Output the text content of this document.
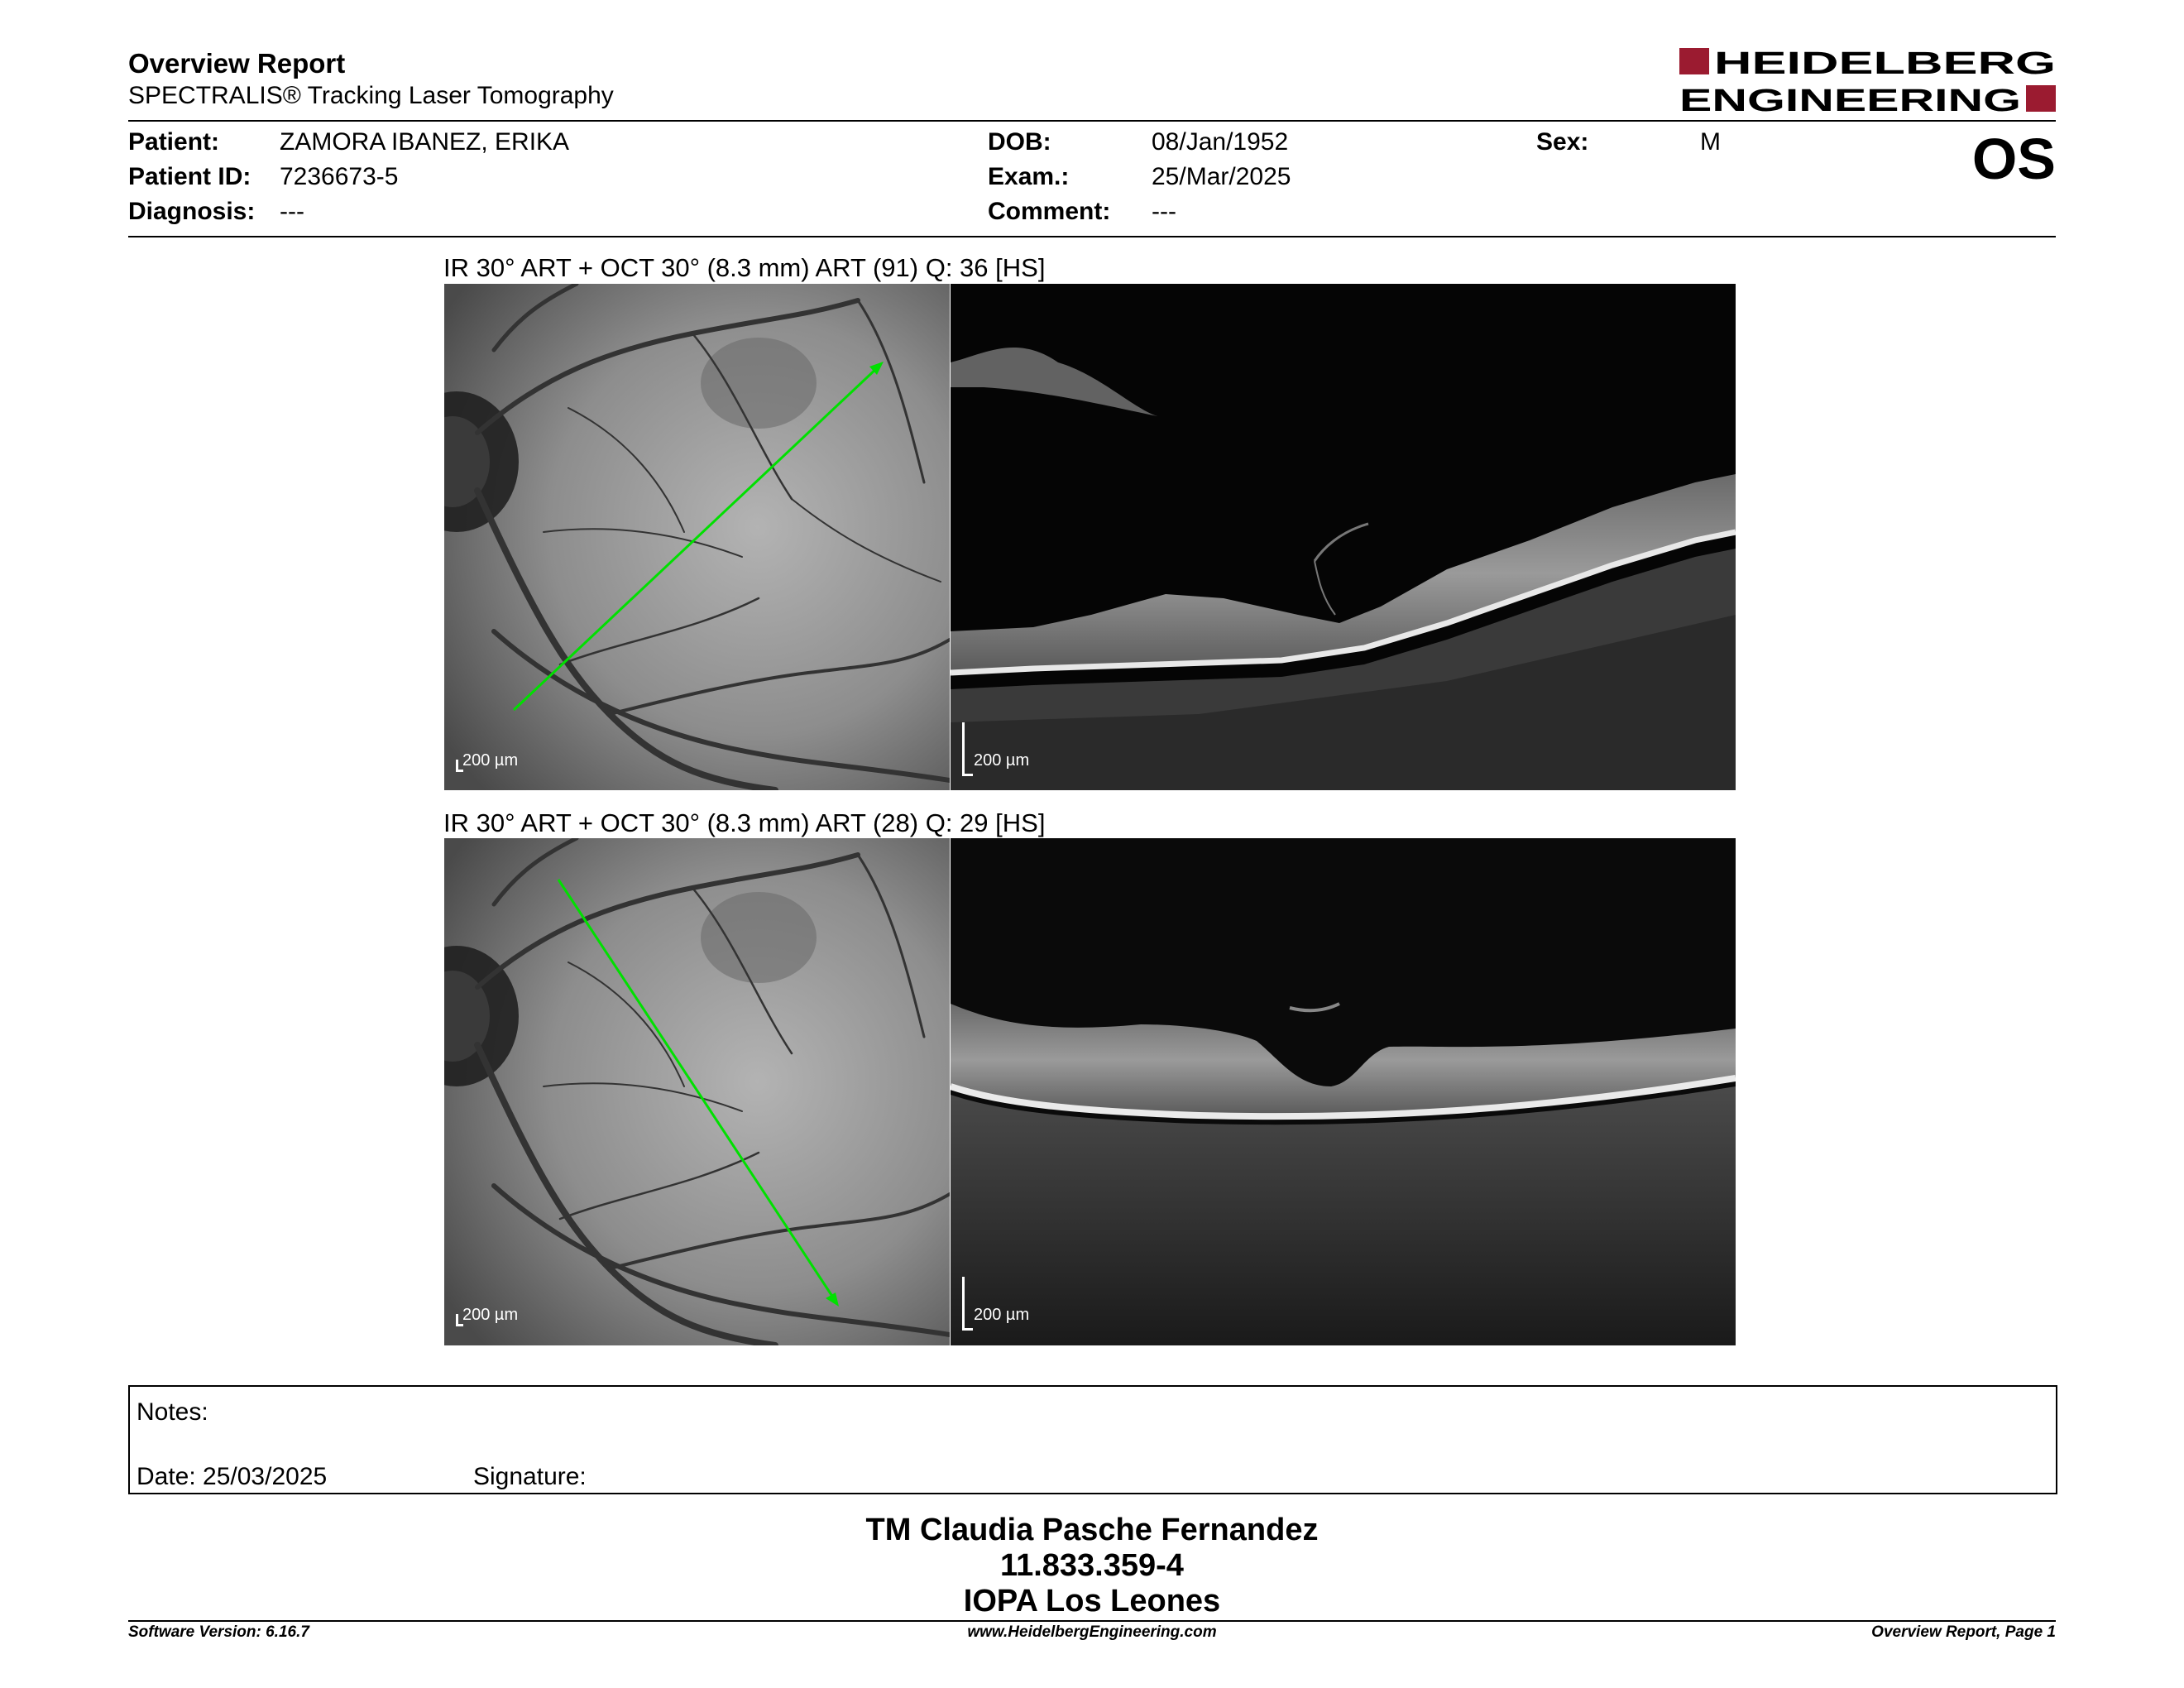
Overview Report
SPECTRALIS® Tracking Laser Tomography
HEIDELBERG
ENGINEERING
Patient: ZAMORA IBANEZ, ERIKA
Patient ID: 7236673-5
Diagnosis: ---
DOB:	08/Jan/1952
Exam.:	25/Mar/2025
Comment: ---
Sex:	M	OS
IR 30° ART + OCT 30° (8.3 mm) ART (91) Q: 36 [HS]
200 µm	200 µm
IR 30° ART + OCT 30° (8.3 mm) ART (28) Q: 29 [HS]
200 µm	200 µm
Notes:
Date: 25/03/2025	Signature:
TM Claudia Pasche Fernandez
11.833.359-4
IOPA Los Leones
Software Version: 6.16.7	www.HeidelbergEngineering.com	Overview Report, Page 1
